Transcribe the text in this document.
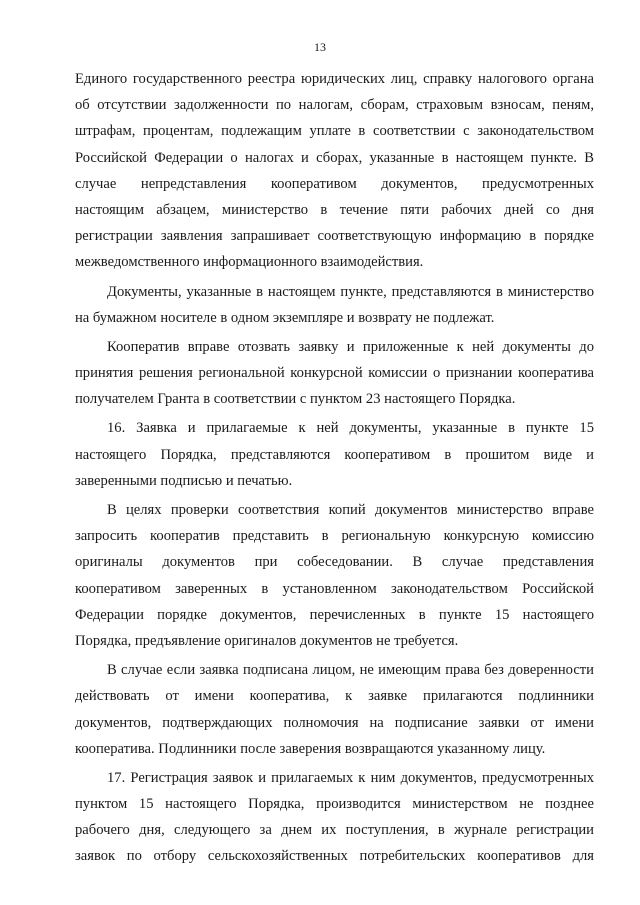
13
Единого государственного реестра юридических лиц, справку налогового органа
об отсутствии задолженности по налогам, сборам, страховым взносам, пеням,
штрафам, процентам, подлежащим уплате в соответствии с законодательством
Российской Федерации о налогах и сборах, указанные в настоящем пункте. В
случае непредставления кооперативом документов, предусмотренных
настоящим абзацем, министерство в течение пяти рабочих дней со дня
регистрации заявления запрашивает соответствующую информацию в порядке
межведомственного информационного взаимодействия.
Документы, указанные в настоящем пункте, представляются в министерство
на бумажном носителе в одном экземпляре и возврату не подлежат.
Кооператив вправе отозвать заявку и приложенные к ней документы до
принятия решения региональной конкурсной комиссии о признании кооператива
получателем Гранта в соответствии с пунктом 23 настоящего Порядка.
16. Заявка и прилагаемые к ней документы, указанные в пункте 15
настоящего Порядка, представляются кооперативом в прошитом виде и
заверенными подписью и печатью.
В целях проверки соответствия копий документов министерство вправе
запросить кооператив представить в региональную конкурсную комиссию
оригиналы документов при собеседовании. В случае представления
кооперативом заверенных в установленном законодательством Российской
Федерации порядке документов, перечисленных в пункте 15 настоящего
Порядка, предъявление оригиналов документов не требуется.
В случае если заявка подписана лицом, не имеющим права без доверенности
действовать от имени кооператива, к заявке прилагаются подлинники
документов, подтверждающих полномочия на подписание заявки от имени
кооператива. Подлинники после заверения возвращаются указанному лицу.
17. Регистрация заявок и прилагаемых к ним документов, предусмотренных
пунктом 15 настоящего Порядка, производится министерством не позднее
рабочего дня, следующего за днем их поступления, в журнале регистрации
заявок по отбору сельскохозяйственных потребительских кооперативов для
